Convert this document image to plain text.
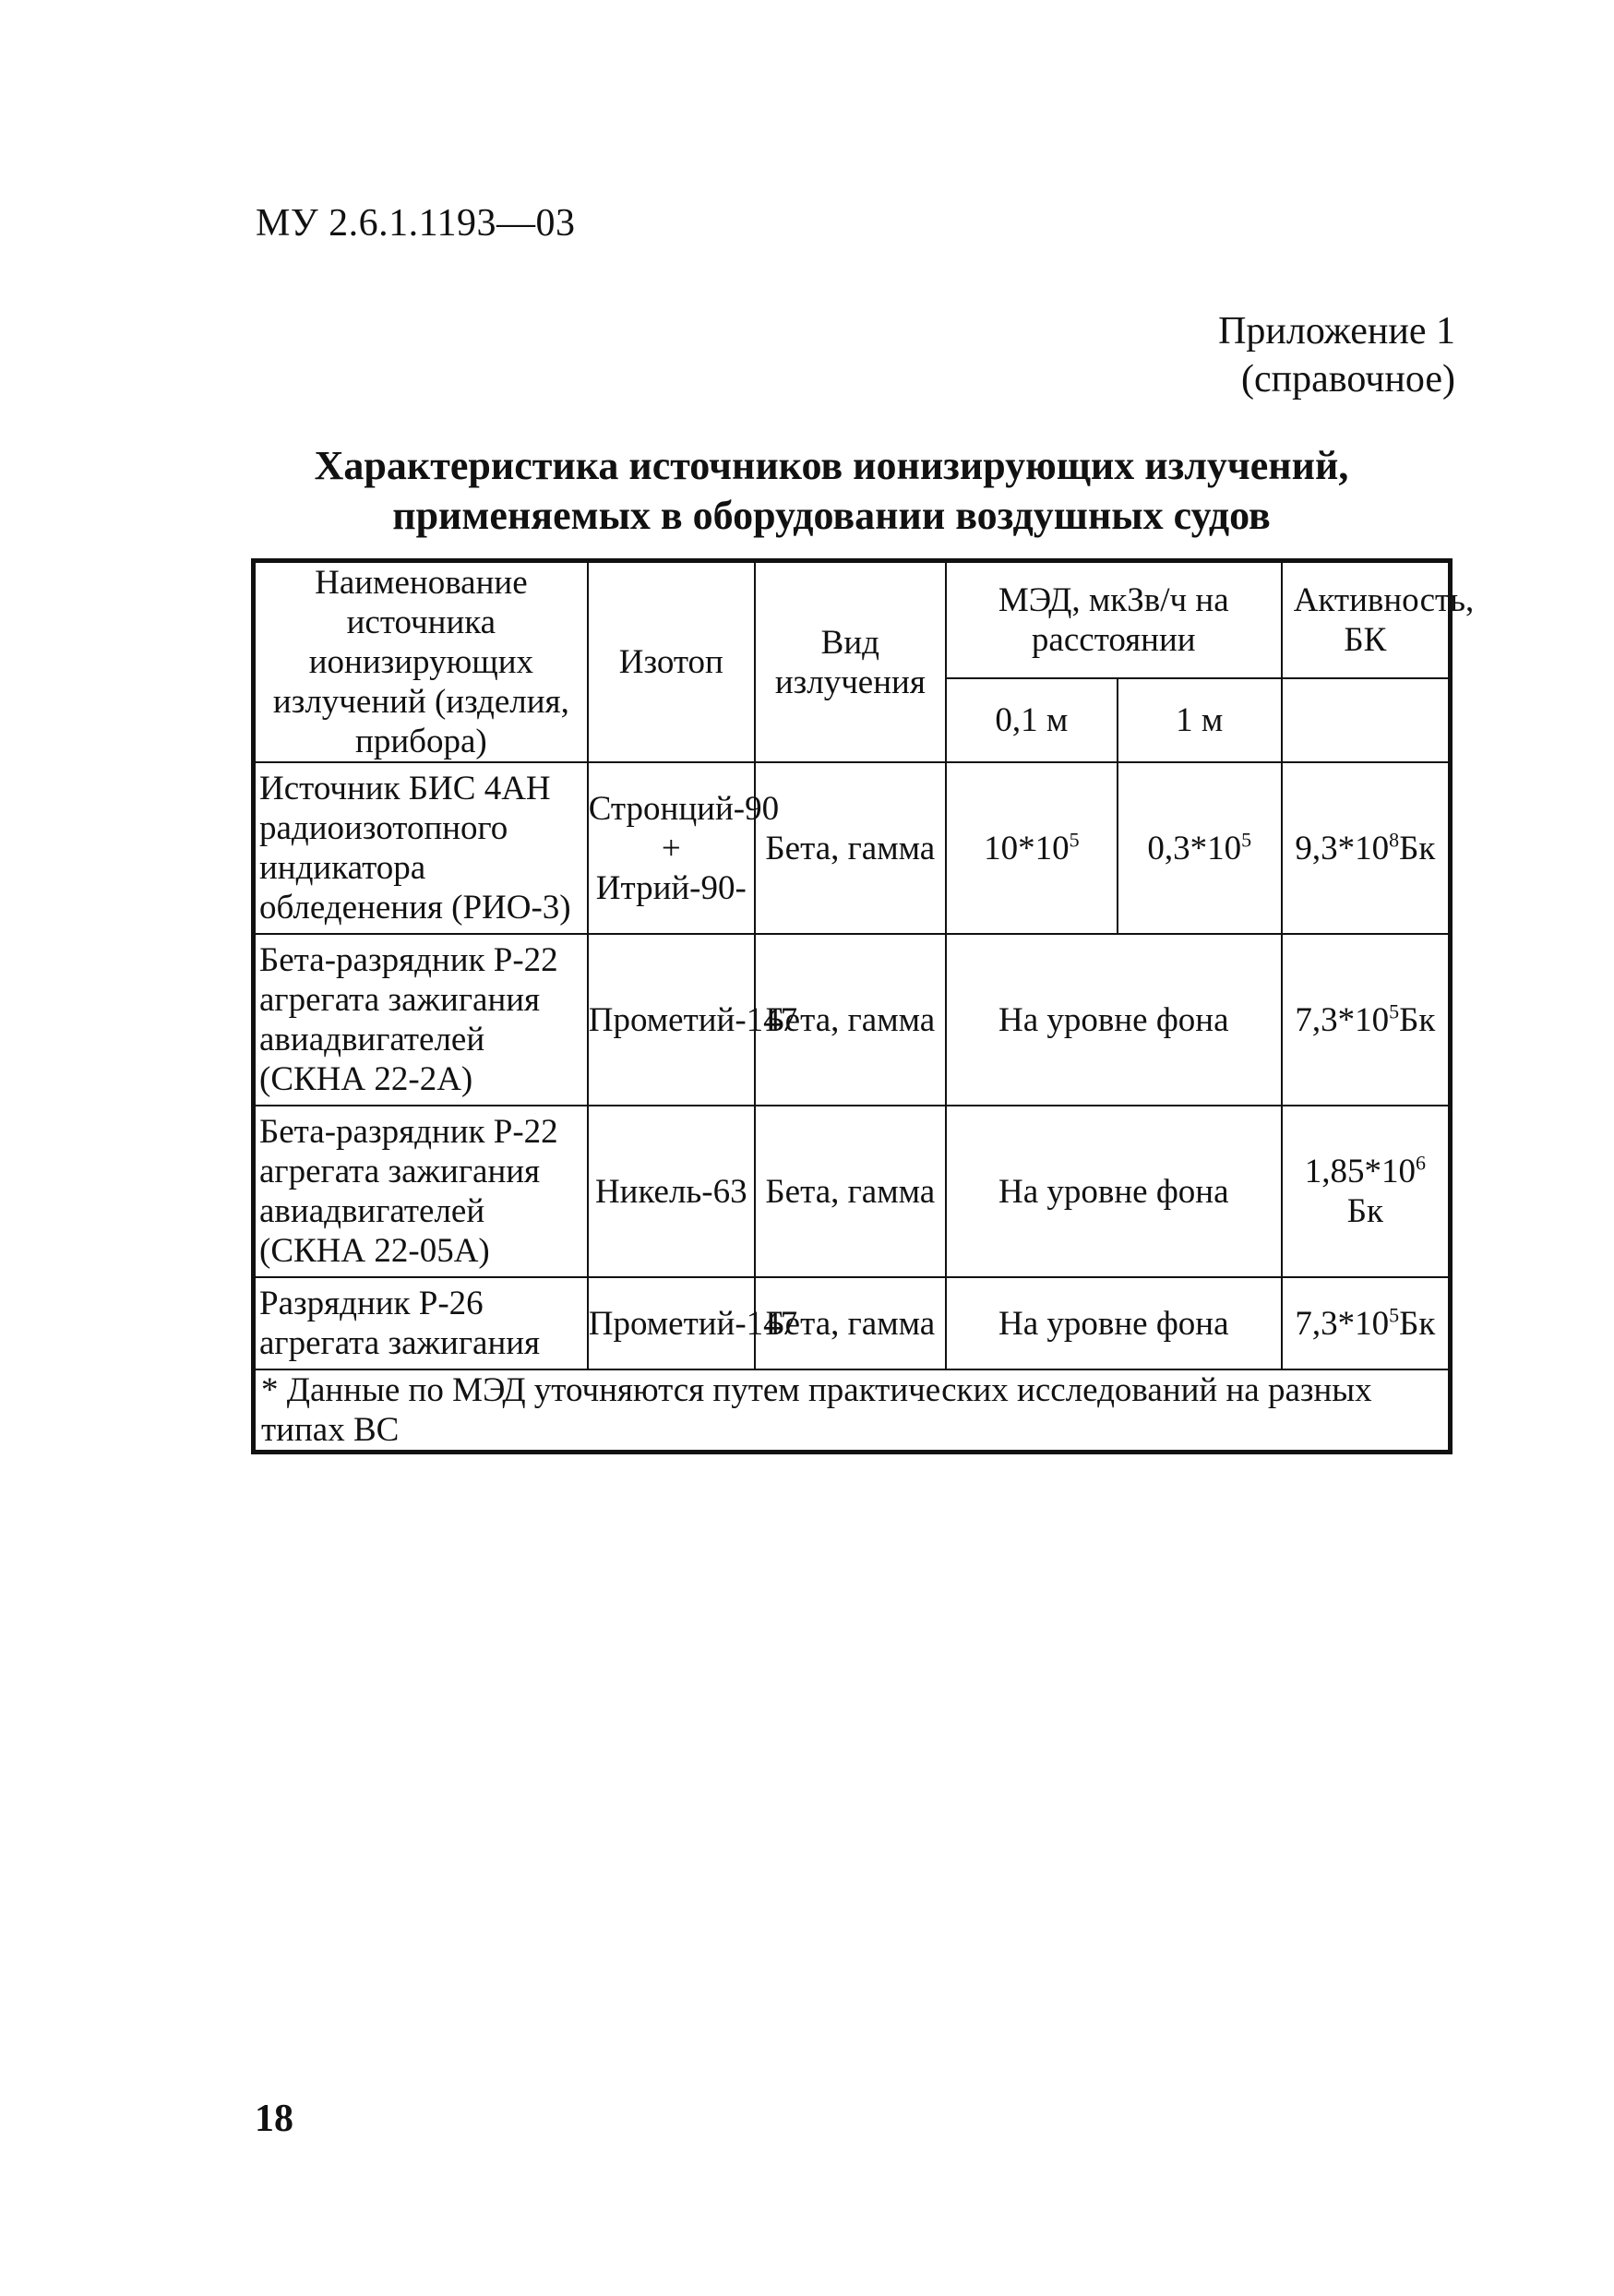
МУ 2.6.1.1193—03
Приложение 1
(справочное)
Характеристика источников ионизирующих излучений,
применяемых в оборудовании воздушных судов
Наименование источника ионизирующих излучений (изделия, прибора)	Изотоп	Вид излучения	МЭД, мкЗв/ч на расстоянии		Активность, БК
			0,1 м	1 м	
Источник БИС 4АН радиоизотопного индикатора обледенения (РИО-3)	Стронций-90 + Итрий-90-	Бета, гамма	$10*10^5$	$0,3*10^5$	$9,3*10^8Бк$
Бета-разрядник Р-22 агрегата зажигания авиадвигателей (СКНА 22-2А)	Прометий-147	Бета, гамма	На уровне фона		$7,3*10^5Бк$
Бета-разрядник Р-22 агрегата зажигания авиадвигателей (СКНА 22-05А)	Никель-63	Бета, гамма	На уровне фона		$1,85*10^6$ Бк
Разрядник Р-26 агрегата зажигания	Прометий-147	Бета, гамма	На уровне фона		$7,3*10^5Бк$
* Данные по МЭД уточняются путем практических исследований на разных типах ВС					
18
